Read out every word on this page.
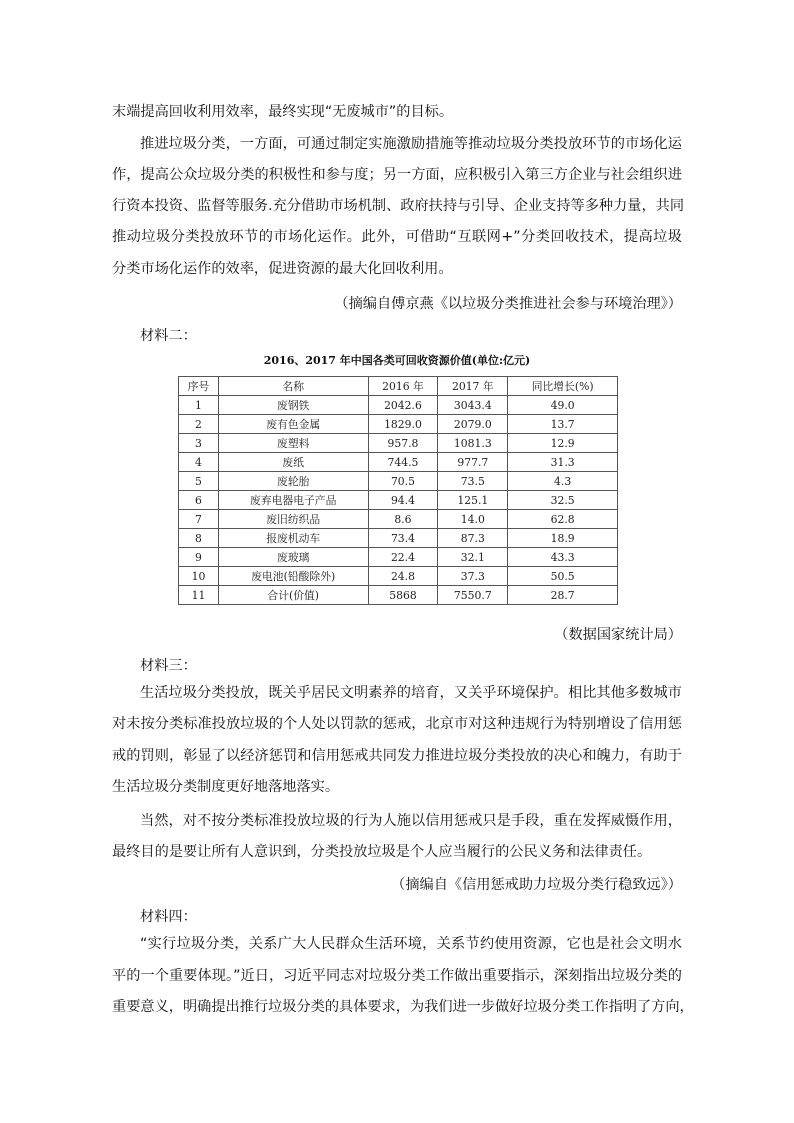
末端提高回收利用效率，最终实现“无废城市”的目标。

推进垃圾分类，一方面，可通过制定实施激励措施等推动垃圾分类投放环节的市场化运

作，提高公众垃圾分类的积极性和参与度；另一方面，应积极引入第三方企业与社会组织进

行资本投资、监督等服务.充分借助市场机制、政府扶持与引导、企业支持等多种力量，共同

推动垃圾分类投放环节的市场化运作。此外，可借助“互联网+”分类回收技术，提高垃圾

分类市场化运作的效率，促进资源的最大化回收利用。

（摘编自傅京燕《以垃圾分类推进社会参与环境治理》）

材料二：

2016、2017 年中国各类可回收资源价值(单位:亿元)

序号	名称	2016 年	2017 年	同比增长(%)
1	废钢铁	2042.6	3043.4	49.0
2	废有色金属	1829.0	2079.0	13.7
3	废塑料	957.8	1081.3	12.9
4	废纸	744.5	977.7	31.3
5	废轮胎	70.5	73.5	4.3
6	废弃电器电子产品	94.4	125.1	32.5
7	废旧纺织品	8.6	14.0	62.8
8	报废机动车	73.4	87.3	18.9
9	废玻璃	22.4	32.1	43.3
10	废电池(铅酸除外)	24.8	37.3	50.5
11	合计(价值)	5868	7550.7	28.7

（数据国家统计局）

材料三：

生活垃圾分类投放，既关乎居民文明素养的培育，又关乎环境保护。相比其他多数城市

对未按分类标准投放垃圾的个人处以罚款的惩戒，北京市对这种违规行为特别增设了信用惩

戒的罚则，彰显了以经济惩罚和信用惩戒共同发力推进垃圾分类投放的决心和魄力，有助于

生活垃圾分类制度更好地落地落实。

当然，对不按分类标准投放垃圾的行为人施以信用惩戒只是手段，重在发挥威慑作用，

最终目的是要让所有人意识到，分类投放垃圾是个人应当履行的公民义务和法律责任。

（摘编自《信用惩戒助力垃圾分类行稳致远》）

材料四：

“实行垃圾分类，关系广大人民群众生活环境，关系节约使用资源，它也是社会文明水

平的一个重要体现。”近日，习近平同志对垃圾分类工作做出重要指示，深刻指出垃圾分类的

重要意义，明确提出推行垃圾分类的具体要求，为我们进一步做好垃圾分类工作指明了方向，
